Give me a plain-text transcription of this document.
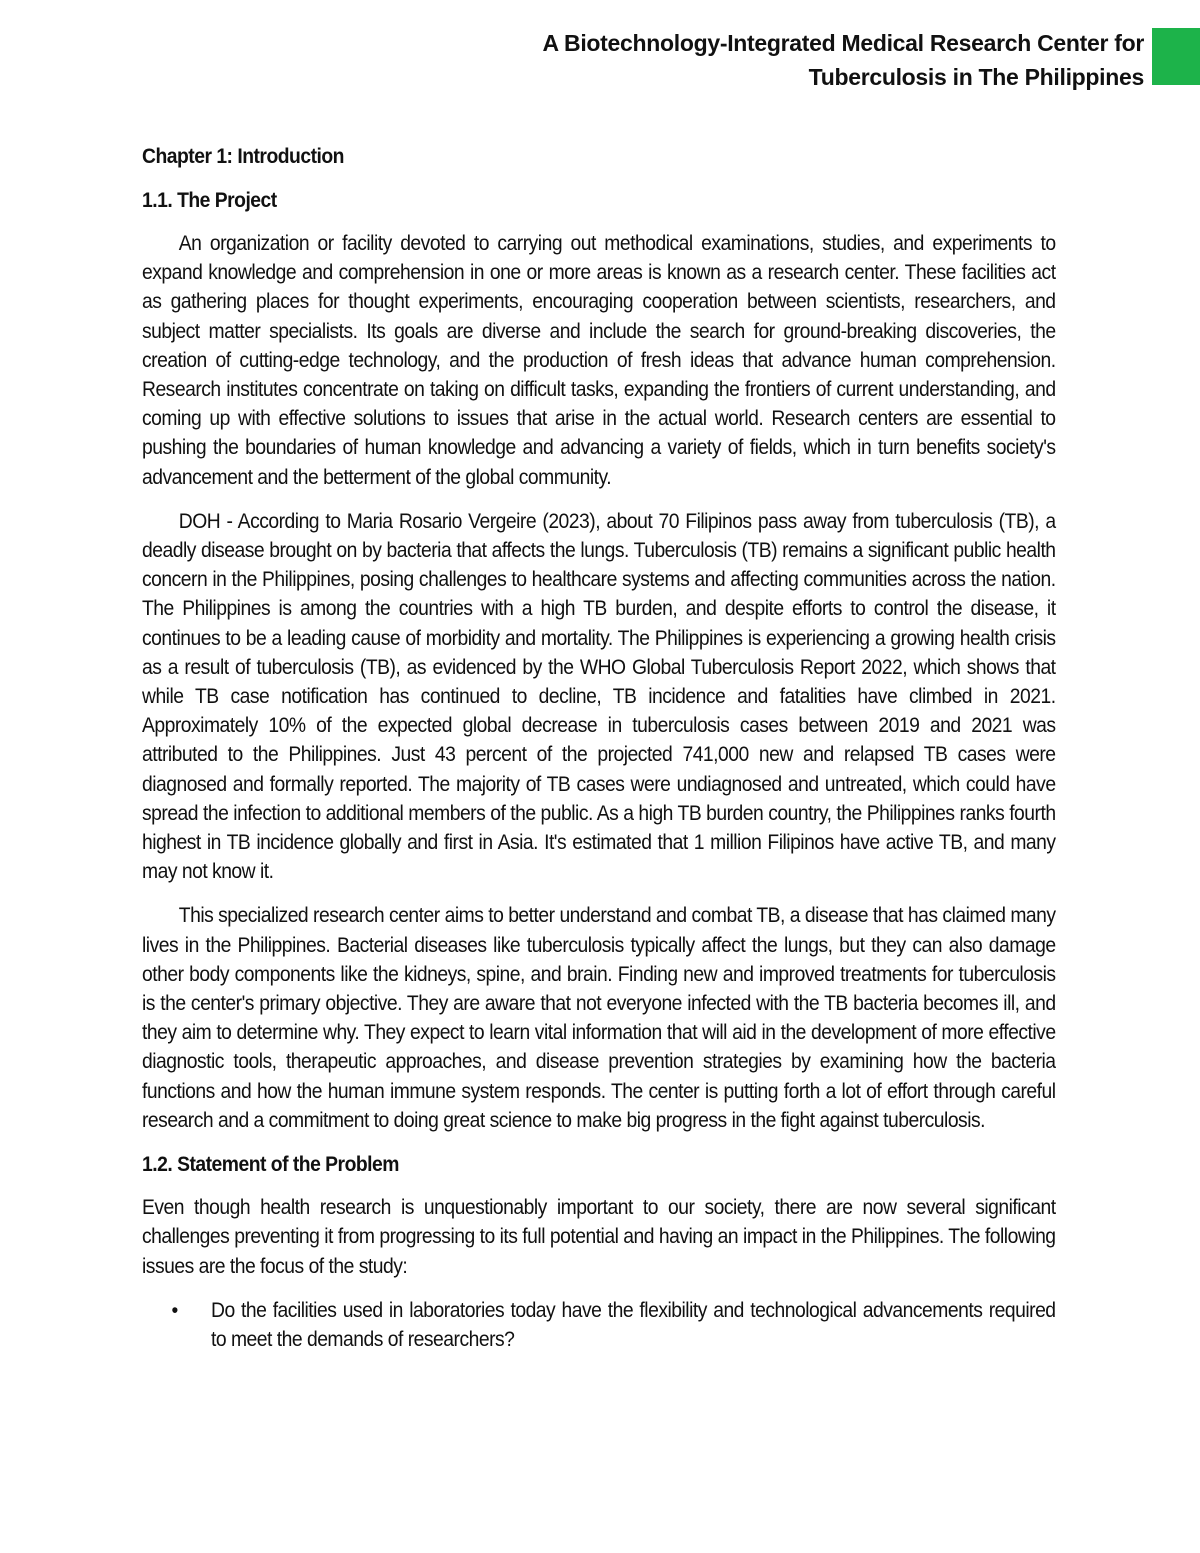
A Biotechnology-Integrated Medical Research Center for
Tuberculosis in The Philippines
Chapter 1: Introduction
1.1. The Project

An organization or facility devoted to carrying out methodical examinations, studies, and experiments to expand knowledge and comprehension in one or more areas is known as a research center. These facilities act as gathering places for thought experiments, encouraging cooperation between scientists, researchers, and subject matter specialists. Its goals are diverse and include the search for ground-breaking discoveries, the creation of cutting-edge technology, and the production of fresh ideas that advance human comprehension. Research institutes concentrate on taking on difficult tasks, expanding the frontiers of current understanding, and coming up with effective solutions to issues that arise in the actual world. Research centers are essential to pushing the boundaries of human knowledge and advancing a variety of fields, which in turn benefits society's advancement and the betterment of the global community.

DOH - According to Maria Rosario Vergeire (2023), about 70 Filipinos pass away from tuberculosis (TB), a deadly disease brought on by bacteria that affects the lungs. Tuberculosis (TB) remains a significant public health concern in the Philippines, posing challenges to healthcare systems and affecting communities across the nation. The Philippines is among the countries with a high TB burden, and despite efforts to control the disease, it continues to be a leading cause of morbidity and mortality. The Philippines is experiencing a growing health crisis as a result of tuberculosis (TB), as evidenced by the WHO Global Tuberculosis Report 2022, which shows that while TB case notification has continued to decline, TB incidence and fatalities have climbed in 2021. Approximately 10% of the expected global decrease in tuberculosis cases between 2019 and 2021 was attributed to the Philippines. Just 43 percent of the projected 741,000 new and relapsed TB cases were diagnosed and formally reported. The majority of TB cases were undiagnosed and untreated, which could have spread the infection to additional members of the public. As a high TB burden country, the Philippines ranks fourth highest in TB incidence globally and first in Asia. It's estimated that 1 million Filipinos have active TB, and many may not know it.

This specialized research center aims to better understand and combat TB, a disease that has claimed many lives in the Philippines. Bacterial diseases like tuberculosis typically affect the lungs, but they can also damage other body components like the kidneys, spine, and brain. Finding new and improved treatments for tuberculosis is the center's primary objective. They are aware that not everyone infected with the TB bacteria becomes ill, and they aim to determine why. They expect to learn vital information that will aid in the development of more effective diagnostic tools, therapeutic approaches, and disease prevention strategies by examining how the bacteria functions and how the human immune system responds. The center is putting forth a lot of effort through careful research and a commitment to doing great science to make big progress in the fight against tuberculosis.

1.2. Statement of the Problem

Even though health research is unquestionably important to our society, there are now several significant challenges preventing it from progressing to its full potential and having an impact in the Philippines. The following issues are the focus of the study:

• Do the facilities used in laboratories today have the flexibility and technological advancements required to meet the demands of researchers?
